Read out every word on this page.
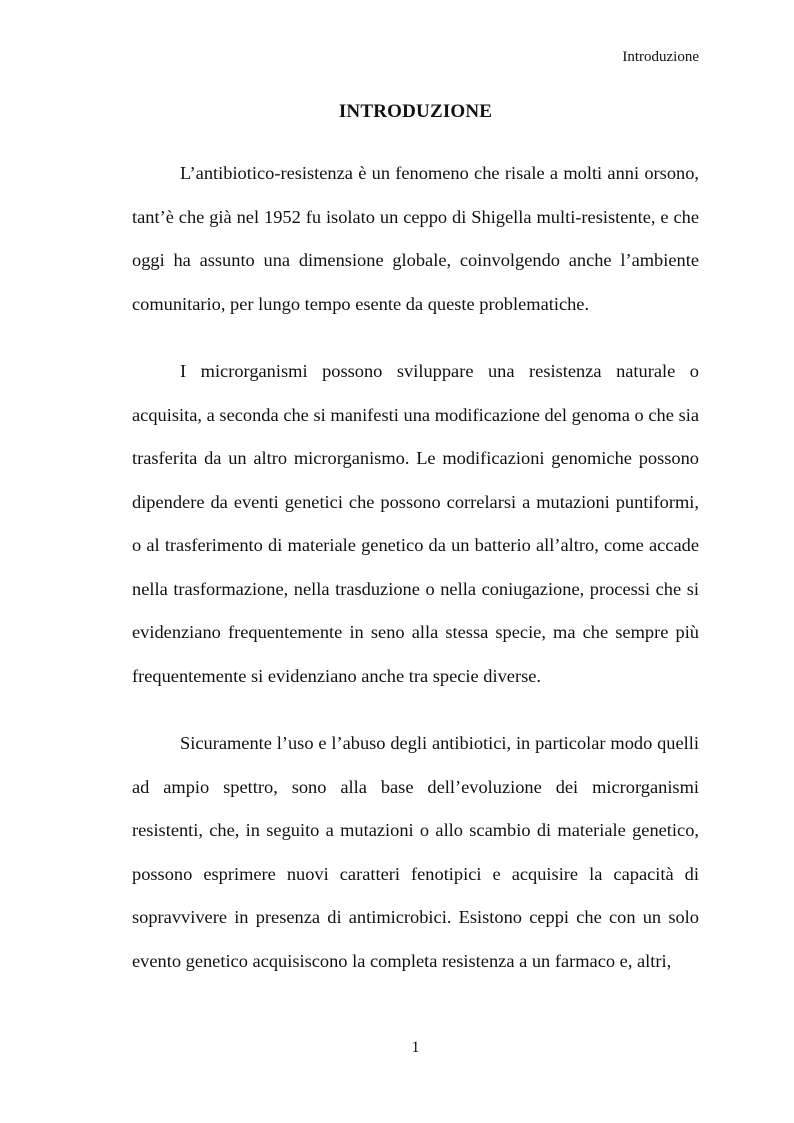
Introduzione
INTRODUZIONE

L’antibiotico-resistenza è un fenomeno che risale a molti anni orsono, tant’è che già nel 1952 fu isolato un ceppo di Shigella multi-resistente, e che oggi ha assunto una dimensione globale, coinvolgendo anche l’ambiente comunitario, per lungo tempo esente da queste problematiche.

I microrganismi possono sviluppare una resistenza naturale o acquisita, a seconda che si manifesti una modificazione del genoma o che sia trasferita da un altro microrganismo. Le modificazioni genomiche possono dipendere da eventi genetici che possono correlarsi a mutazioni puntiformi, o al trasferimento di materiale genetico da un batterio all’altro, come accade nella trasformazione, nella trasduzione o nella coniugazione, processi che si evidenziano frequentemente in seno alla stessa specie, ma che sempre più frequentemente si evidenziano anche tra specie diverse.

Sicuramente l’uso e l’abuso degli antibiotici, in particolar modo quelli ad ampio spettro, sono alla base dell’evoluzione dei microrganismi resistenti, che, in seguito a mutazioni o allo scambio di materiale genetico, possono esprimere nuovi caratteri fenotipici e acquisire la capacità di sopravvivere in presenza di antimicrobici. Esistono ceppi che con un solo evento genetico acquisiscono la completa resistenza a un farmaco e, altri,

1
